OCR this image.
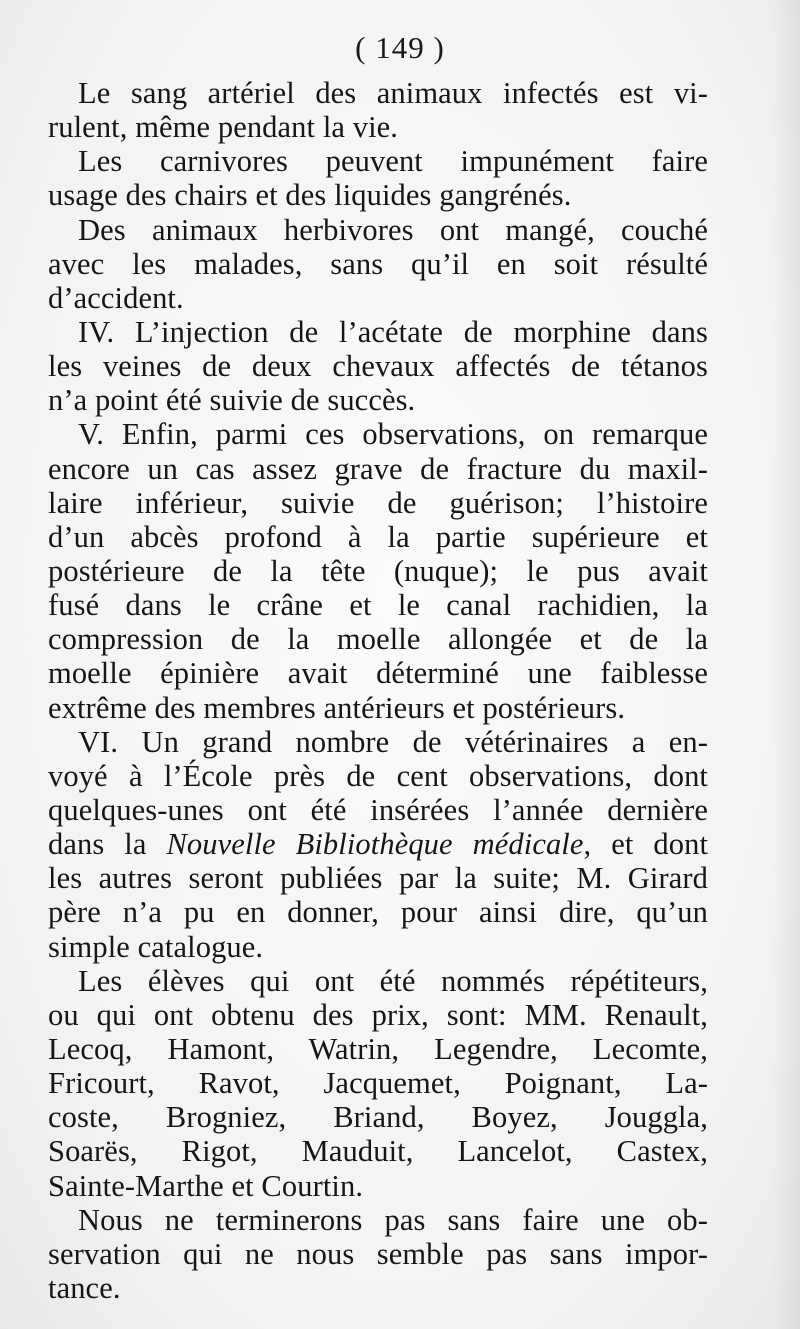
( 149 )
Le sang artériel des animaux infectés est vi-
rulent, même pendant la vie.
Les carnivores peuvent impunément faire
usage des chairs et des liquides gangrénés.
Des animaux herbivores ont mangé, couché
avec les malades, sans qu’il en soit résulté
d’accident.
IV. L’injection de l’acétate de morphine dans
les veines de deux chevaux affectés de tétanos
n’a point été suivie de succès.
V. Enfin, parmi ces observations, on remarque
encore un cas assez grave de fracture du maxil-
laire inférieur, suivie de guérison; l’histoire
d’un abcès profond à la partie supérieure et
postérieure de la tête (nuque); le pus avait
fusé dans le crâne et le canal rachidien, la
compression de la moelle allongée et de la
moelle épinière avait déterminé une faiblesse
extrême des membres antérieurs et postérieurs.
VI. Un grand nombre de vétérinaires a en-
voyé à l’École près de cent observations, dont
quelques-unes ont été insérées l’année dernière
dans la Nouvelle Bibliothèque médicale, et dont
les autres seront publiées par la suite; M. Girard
père n’a pu en donner, pour ainsi dire, qu’un
simple catalogue.
Les élèves qui ont été nommés répétiteurs,
ou qui ont obtenu des prix, sont: MM. Renault,
Lecoq, Hamont, Watrin, Legendre, Lecomte,
Fricourt, Ravot, Jacquemet, Poignant, La-
coste, Brogniez, Briand, Boyez, Jouggla,
Soarës, Rigot, Mauduit, Lancelot, Castex,
Sainte-Marthe et Courtin.
Nous ne terminerons pas sans faire une ob-
servation qui ne nous semble pas sans impor-
tance.
